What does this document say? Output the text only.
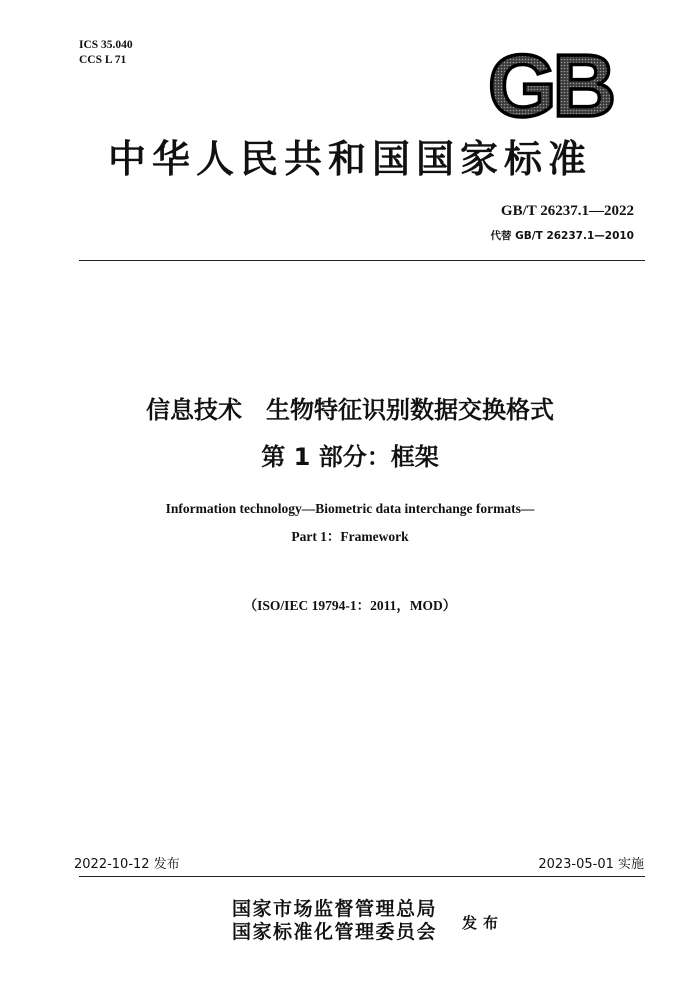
ICS 35.040
CCS L 71	GB
中华人民共和国国家标准
GB/T 26237.1—2022
代替 GB/T 26237.1—2010
信息技术　生物特征识别数据交换格式
第 1 部分：框架
Information technology—Biometric data interchange formats—
Part 1：Framework
（ISO/IEC 19794-1：2011，MOD）
2022-10-12 发布	2023-05-01 实施
国家市场监督管理总局
国家标准化管理委员会 发布
